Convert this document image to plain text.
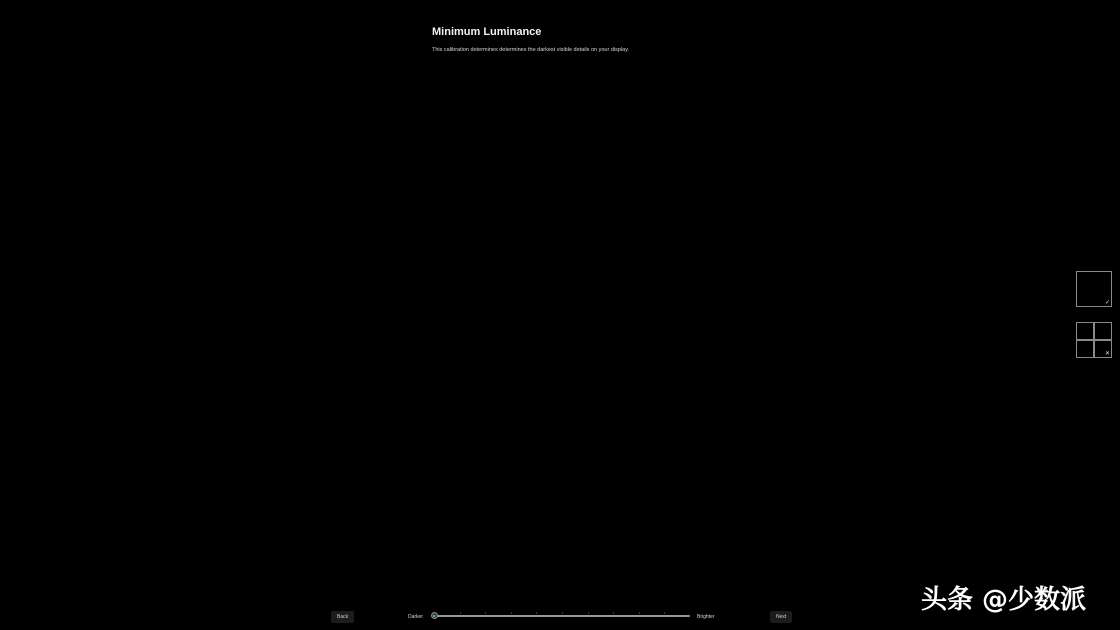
Minimum Luminance
This calibration determines determines the darkest visible details on your display.
✓
✕
Back	Darker	Brighter	Next
头条 @少数派
